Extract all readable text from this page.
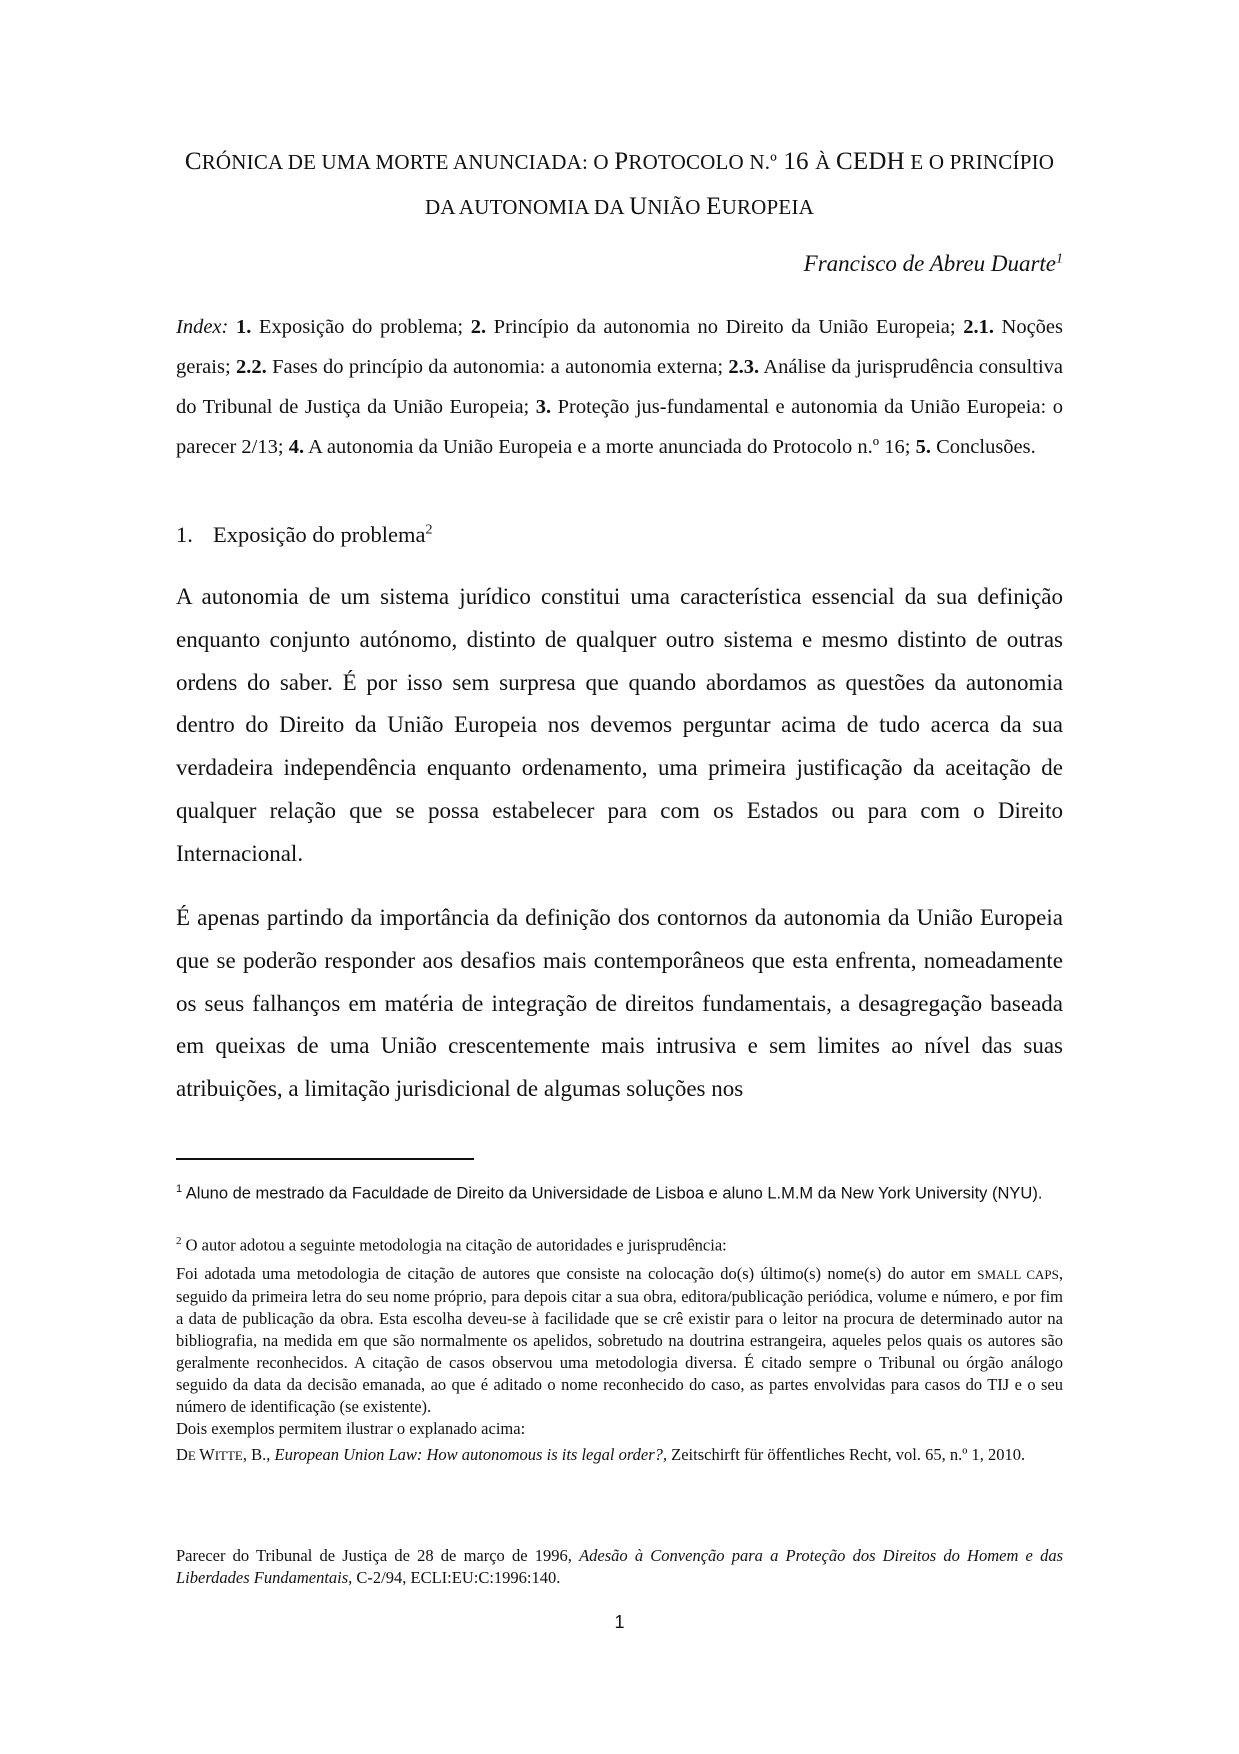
CRÓNICA DE UMA MORTE ANUNCIADA: O PROTOCOLO N.º 16 À CEDH E O PRINCÍPIO
DA AUTONOMIA DA UNIÃO EUROPEIA
Francisco de Abreu Duarte$^1$
Index: 1. Exposição do problema; 2. Princípio da autonomia no Direito da União Europeia; 2.1. Noções gerais; 2.2. Fases do princípio da autonomia: a autonomia externa; 2.3. Análise da jurisprudência consultiva do Tribunal de Justiça da União Europeia; 3. Proteção jus-fundamental e autonomia da União Europeia: o parecer 2/13; 4. A autonomia da União Europeia e a morte anunciada do Protocolo n.º 16; 5. Conclusões.
1. Exposição do problema$^2$
A autonomia de um sistema jurídico constitui uma característica essencial da sua definição enquanto conjunto autónomo, distinto de qualquer outro sistema e mesmo distinto de outras ordens do saber. É por isso sem surpresa que quando abordamos as questões da autonomia dentro do Direito da União Europeia nos devemos perguntar acima de tudo acerca da sua verdadeira independência enquanto ordenamento, uma primeira justificação da aceitação de qualquer relação que se possa estabelecer para com os Estados ou para com o Direito Internacional.
É apenas partindo da importância da definição dos contornos da autonomia da União Europeia que se poderão responder aos desafios mais contemporâneos que esta enfrenta, nomeadamente os seus falhanços em matéria de integração de direitos fundamentais, a desagregação baseada em queixas de uma União crescentemente mais intrusiva e sem limites ao nível das suas atribuições, a limitação jurisdicional de algumas soluções nos
$^1$ Aluno de mestrado da Faculdade de Direito da Universidade de Lisboa e aluno L.M.M da New York University (NYU).
$^2$ O autor adotou a seguinte metodologia na citação de autoridades e jurisprudência:
Foi adotada uma metodologia de citação de autores que consiste na colocação do(s) último(s) nome(s) do autor em SMALL CAPS, seguido da primeira letra do seu nome próprio, para depois citar a sua obra, editora/publicação periódica, volume e número, e por fim a data de publicação da obra. Esta escolha deveu-se à facilidade que se crê existir para o leitor na procura de determinado autor na bibliografia, na medida em que são normalmente os apelidos, sobretudo na doutrina estrangeira, aqueles pelos quais os autores são geralmente reconhecidos. A citação de casos observou uma metodologia diversa. É citado sempre o Tribunal ou órgão análogo seguido da data da decisão emanada, ao que é aditado o nome reconhecido do caso, as partes envolvidas para casos do TIJ e o seu número de identificação (se existente).
Dois exemplos permitem ilustrar o explanado acima:
DE WITTE, B., European Union Law: How autonomous is its legal order?, Zeitschirft für öffentliches Recht, vol. 65, n.º 1, 2010.
Parecer do Tribunal de Justiça de 28 de março de 1996, Adesão à Convenção para a Proteção dos Direitos do Homem e das Liberdades Fundamentais, C-2/94, ECLI:EU:C:1996:140.
1
